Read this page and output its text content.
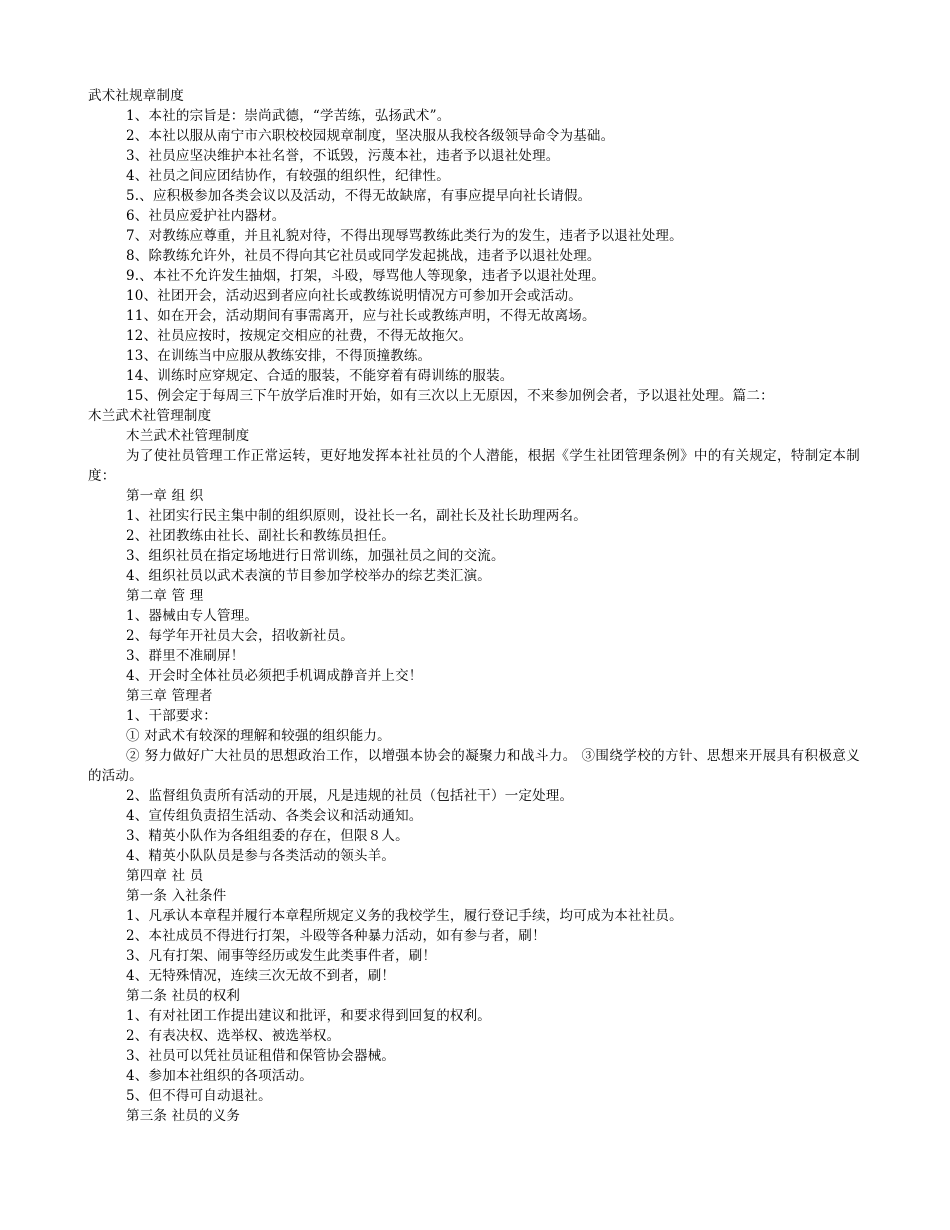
武术社规章制度
1、本社的宗旨是：崇尚武德，“学苦练，弘扬武术”。
2、本社以服从南宁市六职校校园规章制度，坚决服从我校各级领导命令为基础。
3、社员应坚决维护本社名誉，不诋毁，污蔑本社，违者予以退社处理。
4、社员之间应团结协作，有较强的组织性，纪律性。
5.、应积极参加各类会议以及活动，不得无故缺席，有事应提早向社长请假。
6、社员应爱护社内器材。
7、对教练应尊重，并且礼貌对待，不得出现辱骂教练此类行为的发生，违者予以退社处理。
8、除教练允许外，社员不得向其它社员或同学发起挑战，违者予以退社处理。
9.、本社不允许发生抽烟，打架，斗殴，辱骂他人等现象，违者予以退社处理。
10、社团开会，活动迟到者应向社长或教练说明情况方可参加开会或活动。
11、如在开会，活动期间有事需离开，应与社长或教练声明，不得无故离场。
12、社员应按时，按规定交相应的社费，不得无故拖欠。
13、在训练当中应服从教练安排，不得顶撞教练。
14、训练时应穿规定、合适的服装，不能穿着有碍训练的服装。
15、例会定于每周三下午放学后准时开始，如有三次以上无原因，不来参加例会者，予以退社处理。篇二：
木兰武术社管理制度
木兰武术社管理制度
为了使社员管理工作正常运转，更好地发挥本社社员的个人潜能，根据《学生社团管理条例》中的有关规定，特制定本制度：
第一章 组 织
1、社团实行民主集中制的组织原则，设社长一名，副社长及社长助理两名。
2、社团教练由社长、副社长和教练员担任。
3、组织社员在指定场地进行日常训练，加强社员之间的交流。
4、组织社员以武术表演的节目参加学校举办的综艺类汇演。
第二章 管 理
1、器械由专人管理。
2、每学年开社员大会，招收新社员。
3、群里不准刷屏！
4、开会时全体社员必须把手机调成静音并上交！
第三章 管理者
1、干部要求：
① 对武术有较深的理解和较强的组织能力。
② 努力做好广大社员的思想政治工作，以增强本协会的凝聚力和战斗力。 ③围绕学校的方针、思想来开展具有积极意义的活动。
2、监督组负责所有活动的开展，凡是违规的社员（包括社干）一定处理。
4、宣传组负责招生活动、各类会议和活动通知。
3、精英小队作为各组组委的存在，但限８人。
4、精英小队队员是参与各类活动的领头羊。
第四章 社 员
第一条 入社条件
1、凡承认本章程并履行本章程所规定义务的我校学生，履行登记手续，均可成为本社社员。
2、本社成员不得进行打架，斗殴等各种暴力活动，如有参与者，刷！
3、凡有打架、闹事等经历或发生此类事件者，刷！
4、无特殊情况，连续三次无故不到者，刷！
第二条 社员的权利
1、有对社团工作提出建议和批评，和要求得到回复的权利。
2、有表决权、选举权、被选举权。
3、社员可以凭社员证租借和保管协会器械。
4、参加本社组织的各项活动。
5、但不得可自动退社。
第三条 社员的义务
